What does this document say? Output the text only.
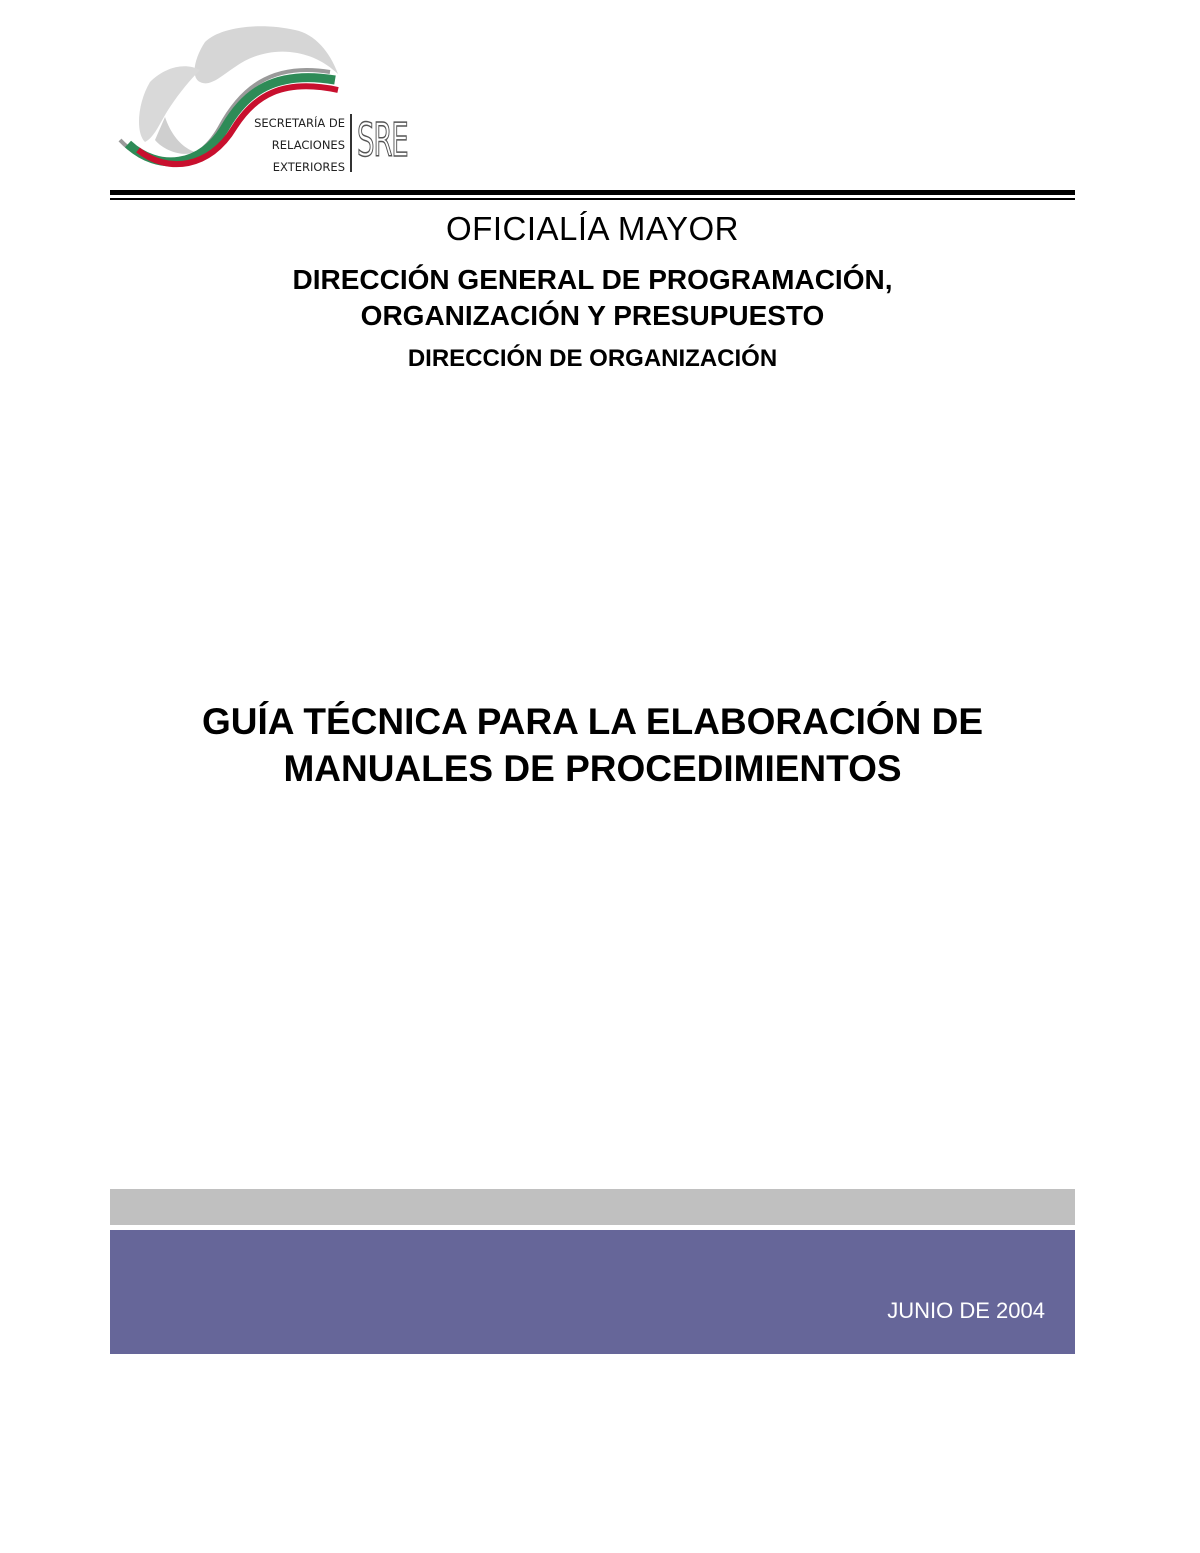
SECRETARÍA DE
RELACIONES
EXTERIORES SRE
OFICIALÍA MAYOR
DIRECCIÓN GENERAL DE PROGRAMACIÓN,
ORGANIZACIÓN Y PRESUPUESTO
DIRECCIÓN DE ORGANIZACIÓN
GUÍA TÉCNICA PARA LA ELABORACIÓN DE
MANUALES DE PROCEDIMIENTOS
JUNIO DE 2004
